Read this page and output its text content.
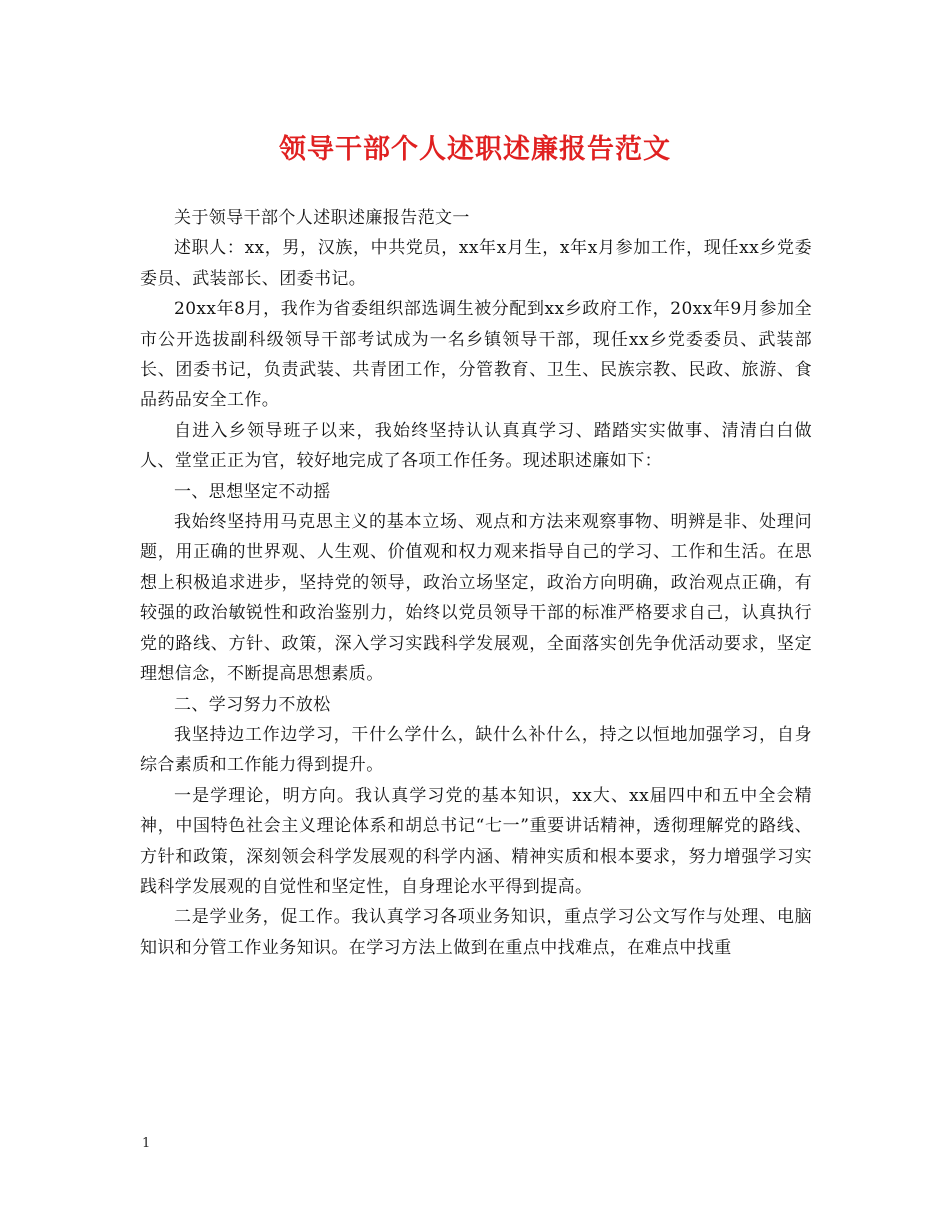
领导干部个人述职述廉报告范文

关于领导干部个人述职述廉报告范文一

述职人：xx，男，汉族，中共党员，xx年x月生，x年x月参加工作，现任xx乡党委委员、武装部长、团委书记。

20xx年8月，我作为省委组织部选调生被分配到xx乡政府工作，20xx年9月参加全市公开选拔副科级领导干部考试成为一名乡镇领导干部，现任xx乡党委委员、武装部长、团委书记，负责武装、共青团工作，分管教育、卫生、民族宗教、民政、旅游、食品药品安全工作。

自进入乡领导班子以来，我始终坚持认认真真学习、踏踏实实做事、清清白白做人、堂堂正正为官，较好地完成了各项工作任务。现述职述廉如下：

一、思想坚定不动摇

我始终坚持用马克思主义的基本立场、观点和方法来观察事物、明辨是非、处理问题，用正确的世界观、人生观、价值观和权力观来指导自己的学习、工作和生活。在思想上积极追求进步，坚持党的领导，政治立场坚定，政治方向明确，政治观点正确，有较强的政治敏锐性和政治鉴别力，始终以党员领导干部的标准严格要求自己，认真执行党的路线、方针、政策，深入学习实践科学发展观，全面落实创先争优活动要求，坚定理想信念，不断提高思想素质。

二、学习努力不放松

我坚持边工作边学习，干什么学什么，缺什么补什么，持之以恒地加强学习，自身综合素质和工作能力得到提升。

一是学理论，明方向。我认真学习党的基本知识，xx大、xx届四中和五中全会精神，中国特色社会主义理论体系和胡总书记“七一”重要讲话精神，透彻理解党的路线、方针和政策，深刻领会科学发展观的科学内涵、精神实质和根本要求，努力增强学习实践科学发展观的自觉性和坚定性，自身理论水平得到提高。

二是学业务，促工作。我认真学习各项业务知识，重点学习公文写作与处理、电脑知识和分管工作业务知识。在学习方法上做到在重点中找难点，在难点中找重

1
